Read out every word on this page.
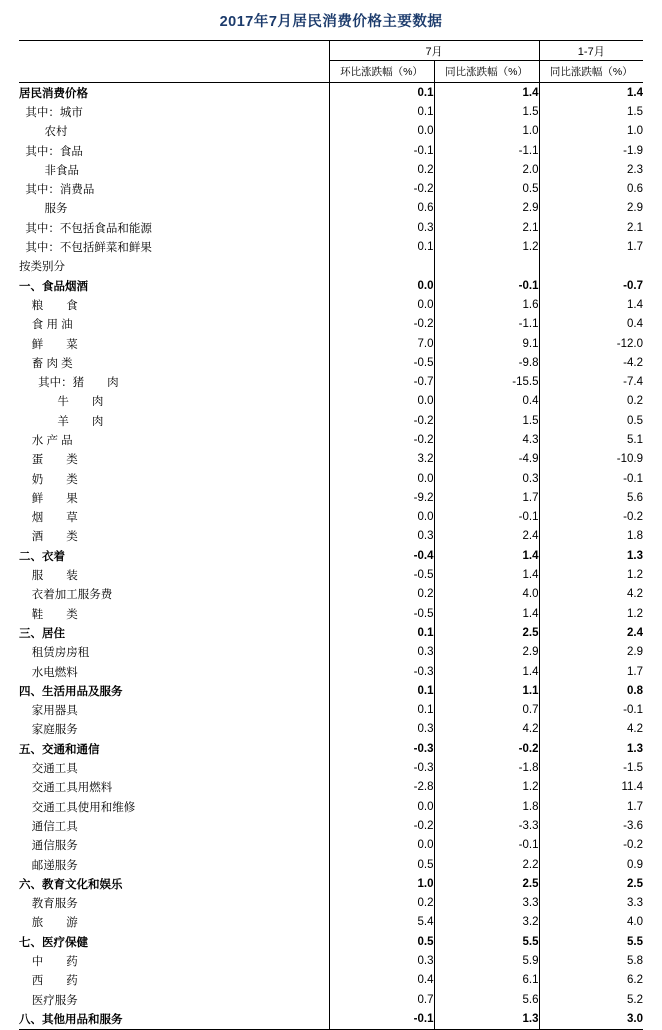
2017年7月居民消费价格主要数据
	7月		1-7月
	环比涨跌幅（%）	同比涨跌幅（%）	同比涨跌幅（%）
居民消费价格	0.1	1.4	1.4
其中：城市	0.1	1.5	1.5
农村	0.0	1.0	1.0
其中：食品	-0.1	-1.1	-1.9
非食品	0.2	2.0	2.3
其中：消费品	-0.2	0.5	0.6
服务	0.6	2.9	2.9
其中：不包括食品和能源	0.3	2.1	2.1
其中：不包括鲜菜和鲜果	0.1	1.2	1.7
按类别分			
一、食品烟酒	0.0	-0.1	-0.7
粮　　食	0.0	1.6	1.4
食 用 油	-0.2	-1.1	0.4
鲜　　菜	7.0	9.1	-12.0
畜 肉 类	-0.5	-9.8	-4.2
其中：猪　　肉	-0.7	-15.5	-7.4
牛　　肉	0.0	0.4	0.2
羊　　肉	-0.2	1.5	0.5
水 产 品	-0.2	4.3	5.1
蛋　　类	3.2	-4.9	-10.9
奶　　类	0.0	0.3	-0.1
鲜　　果	-9.2	1.7	5.6
烟　　草	0.0	-0.1	-0.2
酒　　类	0.3	2.4	1.8
二、衣着	-0.4	1.4	1.3
服　　装	-0.5	1.4	1.2
衣着加工服务费	0.2	4.0	4.2
鞋　　类	-0.5	1.4	1.2
三、居住	0.1	2.5	2.4
租赁房房租	0.3	2.9	2.9
水电燃料	-0.3	1.4	1.7
四、生活用品及服务	0.1	1.1	0.8
家用器具	0.1	0.7	-0.1
家庭服务	0.3	4.2	4.2
五、交通和通信	-0.3	-0.2	1.3
交通工具	-0.3	-1.8	-1.5
交通工具用燃料	-2.8	1.2	11.4
交通工具使用和维修	0.0	1.8	1.7
通信工具	-0.2	-3.3	-3.6
通信服务	0.0	-0.1	-0.2
邮递服务	0.5	2.2	0.9
六、教育文化和娱乐	1.0	2.5	2.5
教育服务	0.2	3.3	3.3
旅　　游	5.4	3.2	4.0
七、医疗保健	0.5	5.5	5.5
中　　药	0.3	5.9	5.8
西　　药	0.4	6.1	6.2
医疗服务	0.7	5.6	5.2
八、其他用品和服务	-0.1	1.3	3.0
